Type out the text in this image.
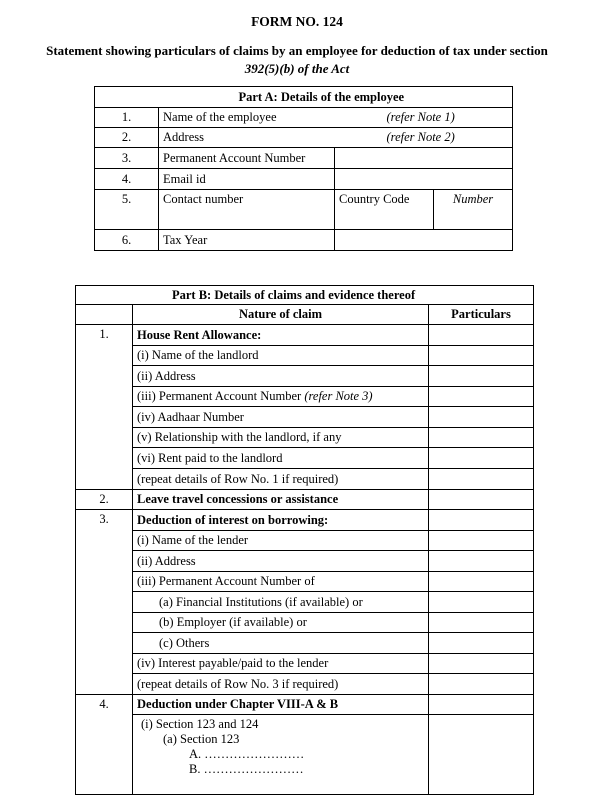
FORM NO. 124
Statement showing particulars of claims by an employee for deduction of tax under section
392(5)(b) of the Act
	Part A: Details of the employee		
1.	Name of the employee	(refer Note 1)	
2.	Address	(refer Note 2)	
3.	Permanent Account Number		
4.	Email id		
5.	Contact number	Country Code	Number
6.	Tax Year		
Part B: Details of claims and evidence thereof		
	Nature of claim	Particulars
1.	House Rent Allowance:	
	(i) Name of the landlord	
	(ii) Address	
	(iii) Permanent Account Number (refer Note 3)	
	(iv) Aadhaar Number	
	(v) Relationship with the landlord, if any	
	(vi) Rent paid to the landlord	
	(repeat details of Row No. 1 if required)	
2.	Leave travel concessions or assistance	
3.	Deduction of interest on borrowing:	
	(i) Name of the lender	
	(ii) Address	
	(iii) Permanent Account Number of	
	(a) Financial Institutions (if available) or	
	(b) Employer (if available) or	
	(c) Others	
	(iv) Interest payable/paid to the lender	
	(repeat details of Row No. 3 if required)	
4.	Deduction under Chapter VIII-A & B	

	(i) Section 123 and 124
(a) Section 123
A. ……………………
B. ……………………	
